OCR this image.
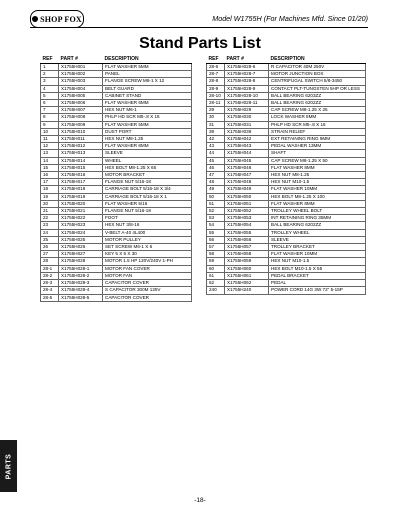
SHOP FOX	Model W1755H (For Machines Mfd. Since 01/20)
Stand Parts List
REF	PART #	DESCRIPTION
1	X1755H001	FLAT WASHER 5MM
2	X1755H002	PANEL
3	X1755H003	FLANGE SCREW M6-1 X 12
4	X1755H004	BELT GUARD
5	X1755H005	CABINET STAND
6	X1755H006	FLAT WASHER 6MM
7	X1755H007	HEX NUT M6-1
8	X1755H008	PHLP HD SCR M5-.8 X 16
9	X1755H009	FLAT WASHER 5MM
10	X1755H010	DUST PORT
11	X1755H011	HEX NUT M8-1.25
12	X1755H012	FLAT WASHER 8MM
13	X1755H013	SLEEVE
14	X1755H014	WHEEL
15	X1755H015	HEX BOLT M8-1.25 X 65
16	X1755H016	MOTOR BRACKET
17	X1755H017	FLANGE NUT 5/16-18
18	X1755H018	CARRIAGE BOLT 5/16-18 X 3/4
19	X1755H019	CARRIAGE BOLT 5/16-18 X 1
20	X1755H020	FLAT WASHER 5/16
21	X1755H021	FLANGE NUT 5/16-18
22	X1755H022	FOOT
23	X1755H023	HEX NUT 3/8-16
24	X1755H024	V-BELT A-40 4L400
25	X1755H025	MOTOR PULLEY
26	X1755H026	SET SCREW M6-1 X 6
27	X1755H027	KEY 5 X 5 X 30
28	X1755H028	MOTOR 1.5 HP 120V/240V 1-PH
28-1	X1755H028-1	MOTOR FAN COVER
28-2	X1755H028-2	MOTOR FAN
28-3	X1755H028-3	CAPACITOR COVER
28-4	X1755H028-4	S CAPACITOR 300M 125V
28-5	X1755H028-5	CAPACITOR COVER
REF	PART #	DESCRIPTION
28-6	X1755H028-6	R CAPACITOR 40M 250V
28-7	X1755H028-7	MOTOR JUNCTION BOX
28-8	X1755H028-8	CENTRIFUGAL SWITCH 5/8-3450
28-9	X1755H028-9	CONTACT PLT-TUNGSTEN 5HP OR LESS
28-10	X1755H028-10	BALL BEARING 6203ZZ
28-11	X1755H028-11	BALL BEARING 6202ZZ
29	X1755H029	CAP SCREW M8-1.25 X 25
30	X1755H030	LOCK WASHER 8MM
31	X1755H031	PHLP HD SCR M5-.8 X 16
39	X1755H039	STRAIN RELIEF
42	X1755H042	EXT RETAINING RING 9MM
43	X1755H043	PEDAL WASHER 13MM
44	X1755H044	SHAFT
45	X1755H045	CAP SCREW M8-1.25 X 50
46	X1755H046	FLAT WASHER 8MM
47	X1755H047	HEX NUT M8-1.25
48	X1755H048	HEX NUT M10-1.5
49	X1755H049	FLAT WASHER 10MM
50	X1755H050	HEX BOLT M8-1.25 X 100
51	X1755H051	FLAT WASHER 8MM
52	X1755H052	TROLLEY WHEEL BOLT
53	X1755H053	INT RETAINING RING 35MM
54	X1755H054	BALL BEARING 6202ZZ
55	X1755H055	TROLLEY WHEEL
56	X1755H056	SLEEVE
57	X1755H057	TROLLEY BRACKET
58	X1755H058	FLAT WASHER 10MM
59	X1755H059	HEX NUT M10-1.5
60	X1755H060	HEX BOLT M10-1.5 X 55
61	X1755H061	PEDAL BRACKET
62	X1755H062	PEDAL
240	X1755H240	POWER CORD 14G 3W 72" 5-15P
PARTS
-18-
